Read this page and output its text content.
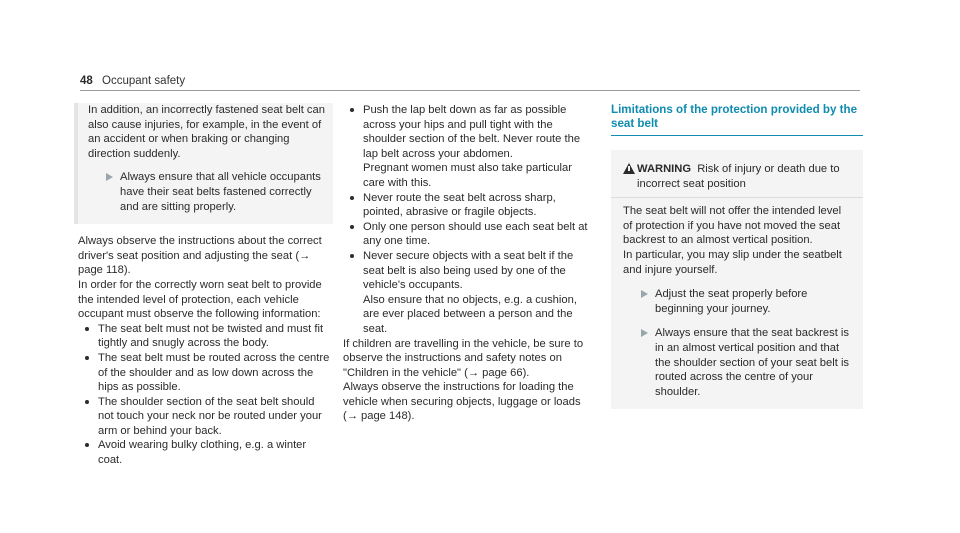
48 Occupant safety

In addition, an incorrectly fastened seat belt can also cause injuries, for example, in the event of an accident or when braking or changing direction suddenly.

Always ensure that all vehicle occupants have their seat belts fastened correctly and are sitting properly.

Always observe the instructions about the correct driver's seat position and adjusting the seat (→ page 118).

In order for the correctly worn seat belt to provide the intended level of protection, each vehicle occupant must observe the following information:

The seat belt must not be twisted and must fit tightly and snugly across the body.
The seat belt must be routed across the centre of the shoulder and as low down across the hips as possible.
The shoulder section of the seat belt should not touch your neck nor be routed under your arm or behind your back.
Avoid wearing bulky clothing, e.g. a winter coat.
Push the lap belt down as far as possible across your hips and pull tight with the shoulder section of the belt. Never route the lap belt across your abdomen.

Pregnant women must also take particular care with this.

Never route the seat belt across sharp, pointed, abrasive or fragile objects.
Only one person should use each seat belt at any one time.
Never secure objects with a seat belt if the seat belt is also being used by one of the vehicle's occupants.

Also ensure that no objects, e.g. a cushion, are ever placed between a person and the seat.

If children are travelling in the vehicle, be sure to observe the instructions and safety notes on "Children in the vehicle" (→ page 66).

Always observe the instructions for loading the vehicle when securing objects, luggage or loads (→ page 148).

Limitations of the protection provided by the seat belt
WARNING Risk of injury or death due to incorrect seat position

The seat belt will not offer the intended level of protection if you have not moved the seat backrest to an almost vertical position.

In particular, you may slip under the seatbelt and injure yourself.

Adjust the seat properly before beginning your journey.
Always ensure that the seat backrest is in an almost vertical position and that the shoulder section of your seat belt is routed across the centre of your shoulder.
